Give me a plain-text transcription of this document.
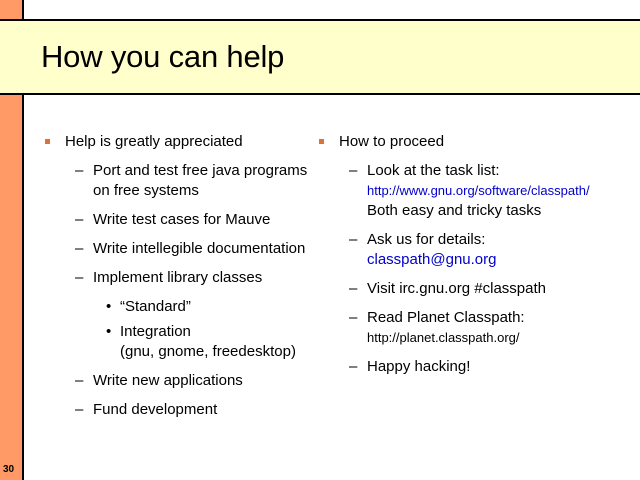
How you can help
30
Help is greatly appreciated
– Port and test free java programs
on free systems
– Write test cases for Mauve
– Write intellegible documentation
– Implement library classes
• “Standard”
• Integration
(gnu, gnome, freedesktop)
– Write new applications
– Fund development
How to proceed
– Look at the task list:
http://www.gnu.org/software/classpath/
Both easy and tricky tasks
– Ask us for details:
classpath@gnu.org
– Visit irc.gnu.org #classpath
– Read Planet Classpath:
http://planet.classpath.org/
– Happy hacking!
